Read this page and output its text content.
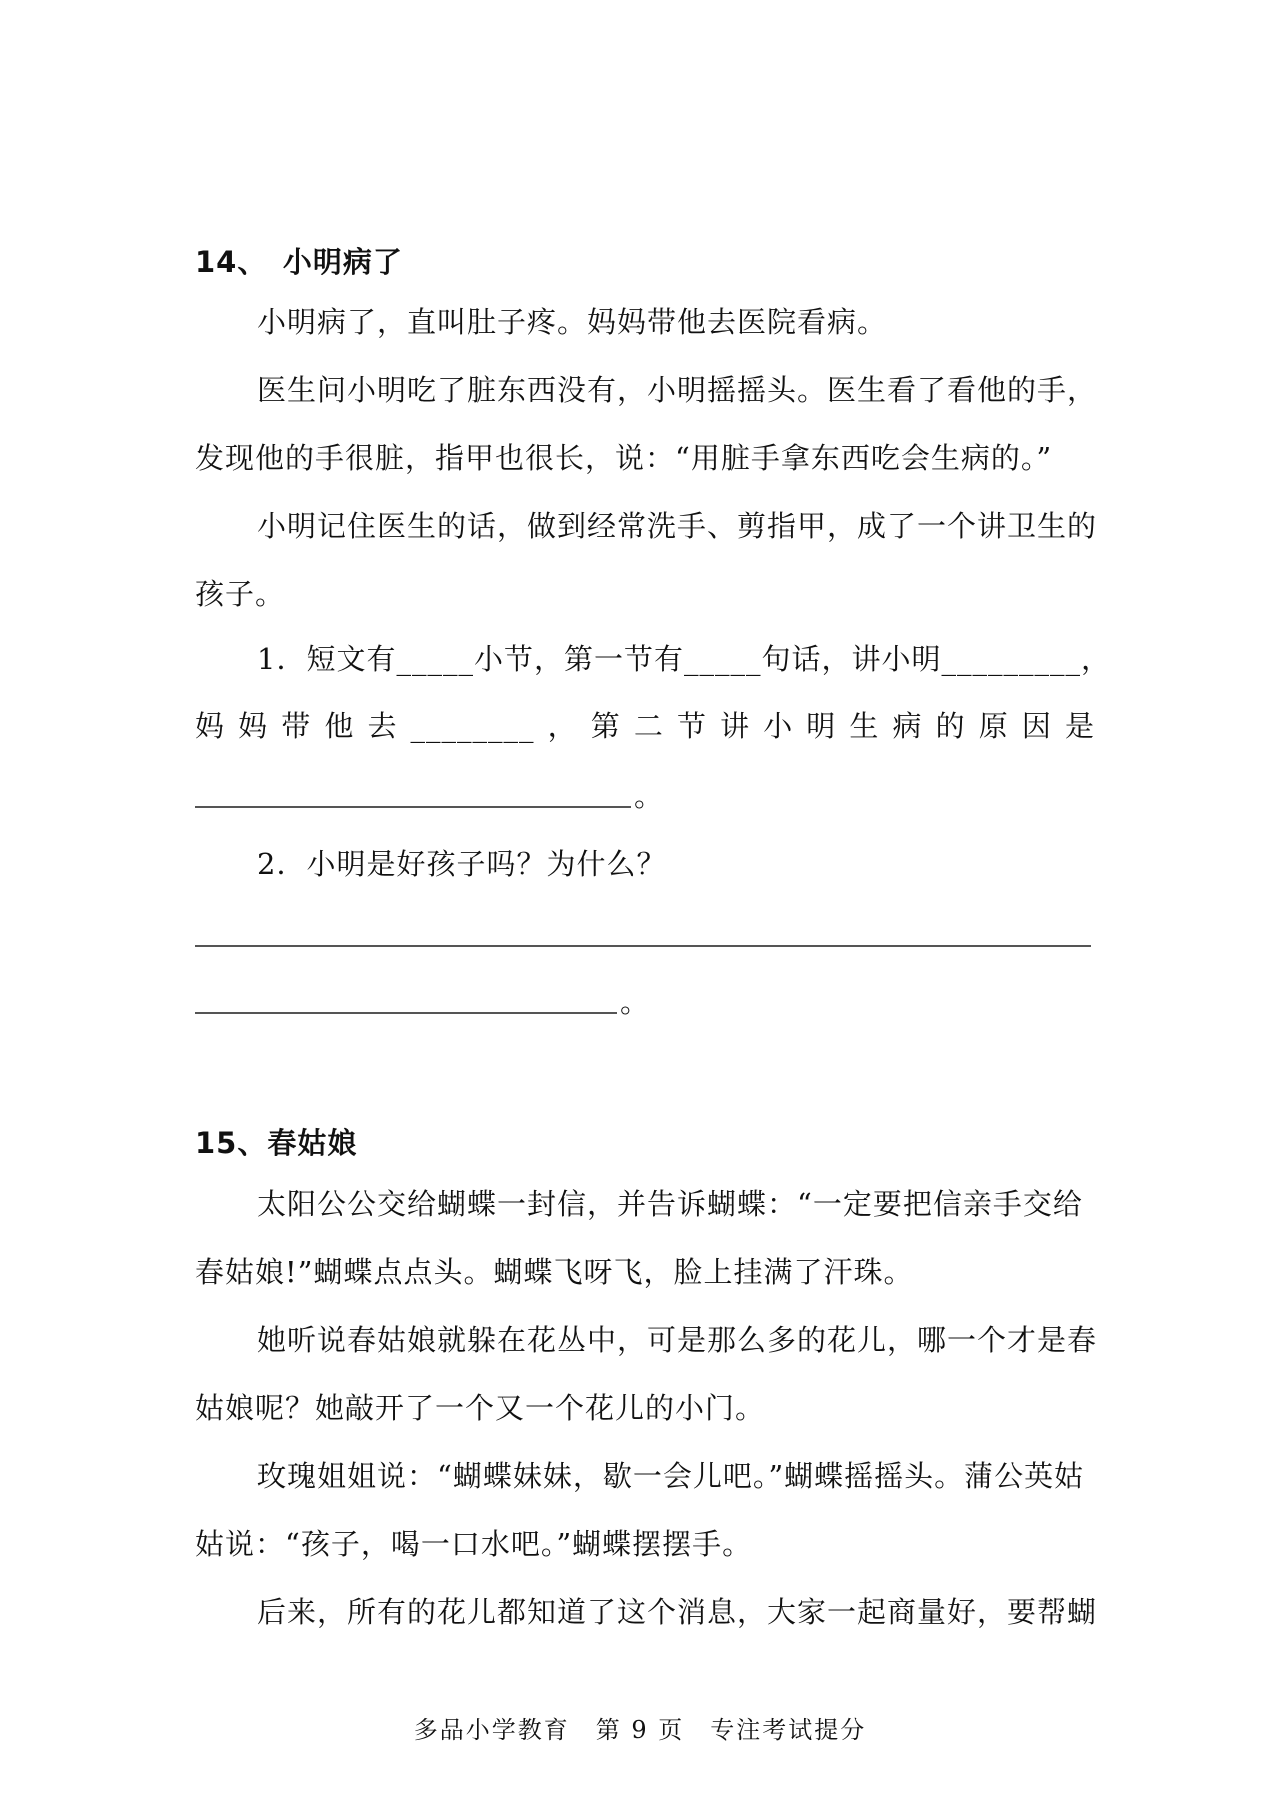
14、　小明病了
小明病了，直叫肚子疼。妈妈带他去医院看病。
医生问小明吃了脏东西没有，小明摇摇头。医生看了看他的手，
发现他的手很脏，指甲也很长，说：“用脏手拿东西吃会生病的。”
小明记住医生的话，做到经常洗手、剪指甲，成了一个讲卫生的
孩子。
1．短文有_____小节，第一节有_____句话，讲小明_________，
妈 妈 带 他 去 ________ ， 第 二 节 讲 小 明 生 病 的 原 因 是
。
2．小明是好孩子吗？为什么？
。
15、春姑娘
太阳公公交给蝴蝶一封信，并告诉蝴蝶：“一定要把信亲手交给
春姑娘!”蝴蝶点点头。蝴蝶飞呀飞，脸上挂满了汗珠。
她听说春姑娘就躲在花丛中，可是那么多的花儿，哪一个才是春
姑娘呢？她敲开了一个又一个花儿的小门。
玫瑰姐姐说：“蝴蝶妹妹，歇一会儿吧。”蝴蝶摇摇头。蒲公英姑
姑说：“孩子，喝一口水吧。”蝴蝶摆摆手。
后来，所有的花儿都知道了这个消息，大家一起商量好，要帮蝴
多品小学教育　第 9 页　专注考试提分
